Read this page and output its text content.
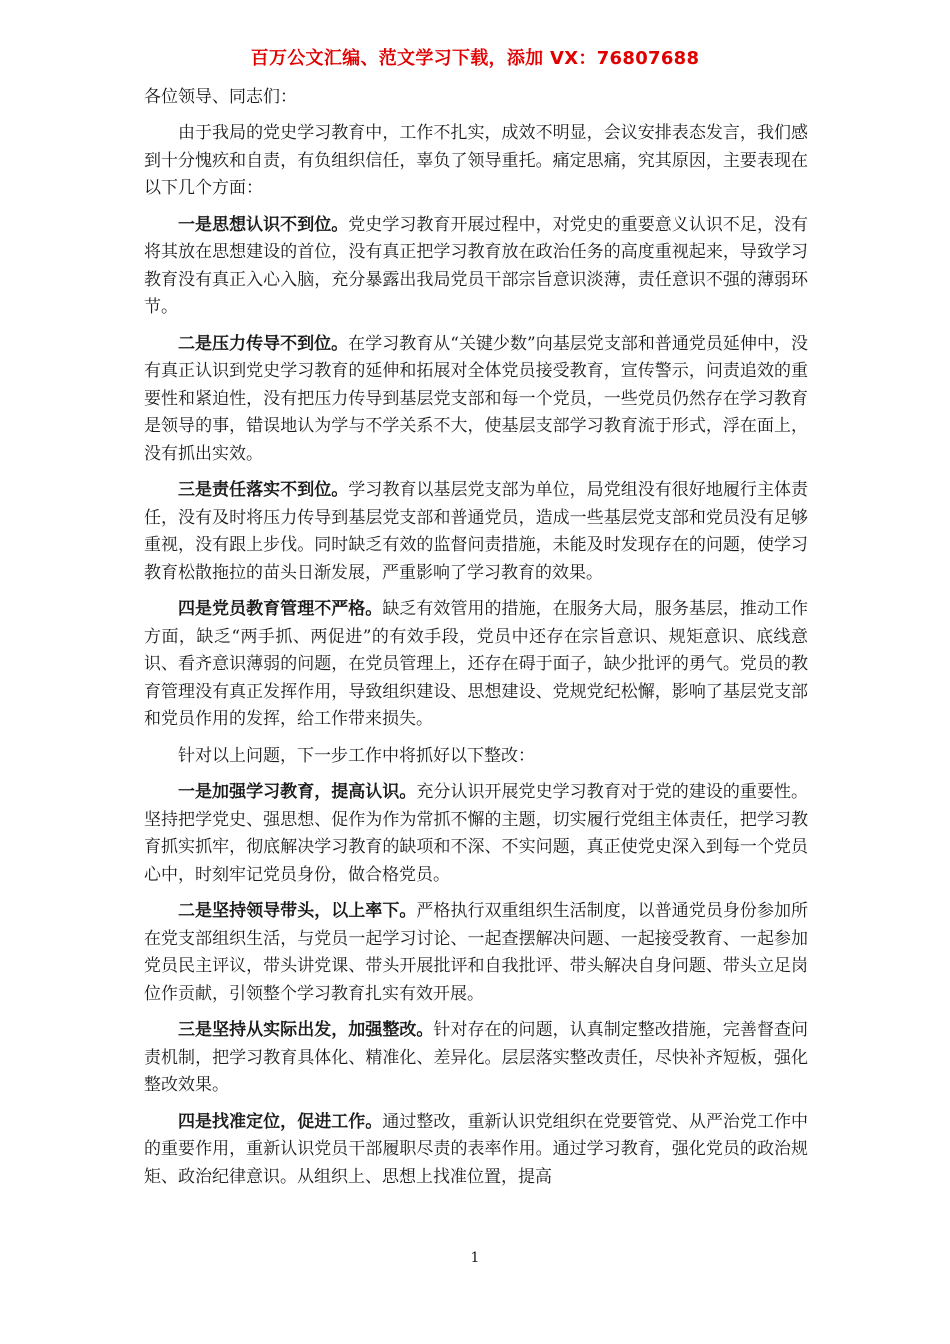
百万公文汇编、范文学习下载，添加 VX：76807688

各位领导、同志们：

由于我局的党史学习教育中，工作不扎实，成效不明显，会议安排表态发言，我们感到十分愧疚和自责，有负组织信任，辜负了领导重托。痛定思痛，究其原因，主要表现在以下几个方面：

一是思想认识不到位。党史学习教育开展过程中，对党史的重要意义认识不足，没有将其放在思想建设的首位，没有真正把学习教育放在政治任务的高度重视起来，导致学习教育没有真正入心入脑，充分暴露出我局党员干部宗旨意识淡薄，责任意识不强的薄弱环节。

二是压力传导不到位。在学习教育从“关键少数”向基层党支部和普通党员延伸中，没有真正认识到党史学习教育的延伸和拓展对全体党员接受教育，宣传警示，问责追效的重要性和紧迫性，没有把压力传导到基层党支部和每一个党员，一些党员仍然存在学习教育是领导的事，错误地认为学与不学关系不大，使基层支部学习教育流于形式，浮在面上，没有抓出实效。

三是责任落实不到位。学习教育以基层党支部为单位，局党组没有很好地履行主体责任，没有及时将压力传导到基层党支部和普通党员，造成一些基层党支部和党员没有足够重视，没有跟上步伐。同时缺乏有效的监督问责措施，未能及时发现存在的问题，使学习教育松散拖拉的苗头日渐发展，严重影响了学习教育的效果。

四是党员教育管理不严格。缺乏有效管用的措施，在服务大局，服务基层，推动工作方面，缺乏“两手抓、两促进”的有效手段，党员中还存在宗旨意识、规矩意识、底线意识、看齐意识薄弱的问题，在党员管理上，还存在碍于面子，缺少批评的勇气。党员的教育管理没有真正发挥作用，导致组织建设、思想建设、党规党纪松懈，影响了基层党支部和党员作用的发挥，给工作带来损失。

针对以上问题，下一步工作中将抓好以下整改：

一是加强学习教育，提高认识。充分认识开展党史学习教育对于党的建设的重要性。坚持把学党史、强思想、促作为作为常抓不懈的主题，切实履行党组主体责任，把学习教育抓实抓牢，彻底解决学习教育的缺项和不深、不实问题，真正使党史深入到每一个党员心中，时刻牢记党员身份，做合格党员。

二是坚持领导带头，以上率下。严格执行双重组织生活制度，以普通党员身份参加所在党支部组织生活，与党员一起学习讨论、一起查摆解决问题、一起接受教育、一起参加党员民主评议，带头讲党课、带头开展批评和自我批评、带头解决自身问题、带头立足岗位作贡献，引领整个学习教育扎实有效开展。

三是坚持从实际出发，加强整改。针对存在的问题，认真制定整改措施，完善督查问责机制，把学习教育具体化、精准化、差异化。层层落实整改责任，尽快补齐短板，强化整改效果。

四是找准定位，促进工作。通过整改，重新认识党组织在党要管党、从严治党工作中的重要作用，重新认识党员干部履职尽责的表率作用。通过学习教育，强化党员的政治规矩、政治纪律意识。从组织上、思想上找准位置，提高

1
